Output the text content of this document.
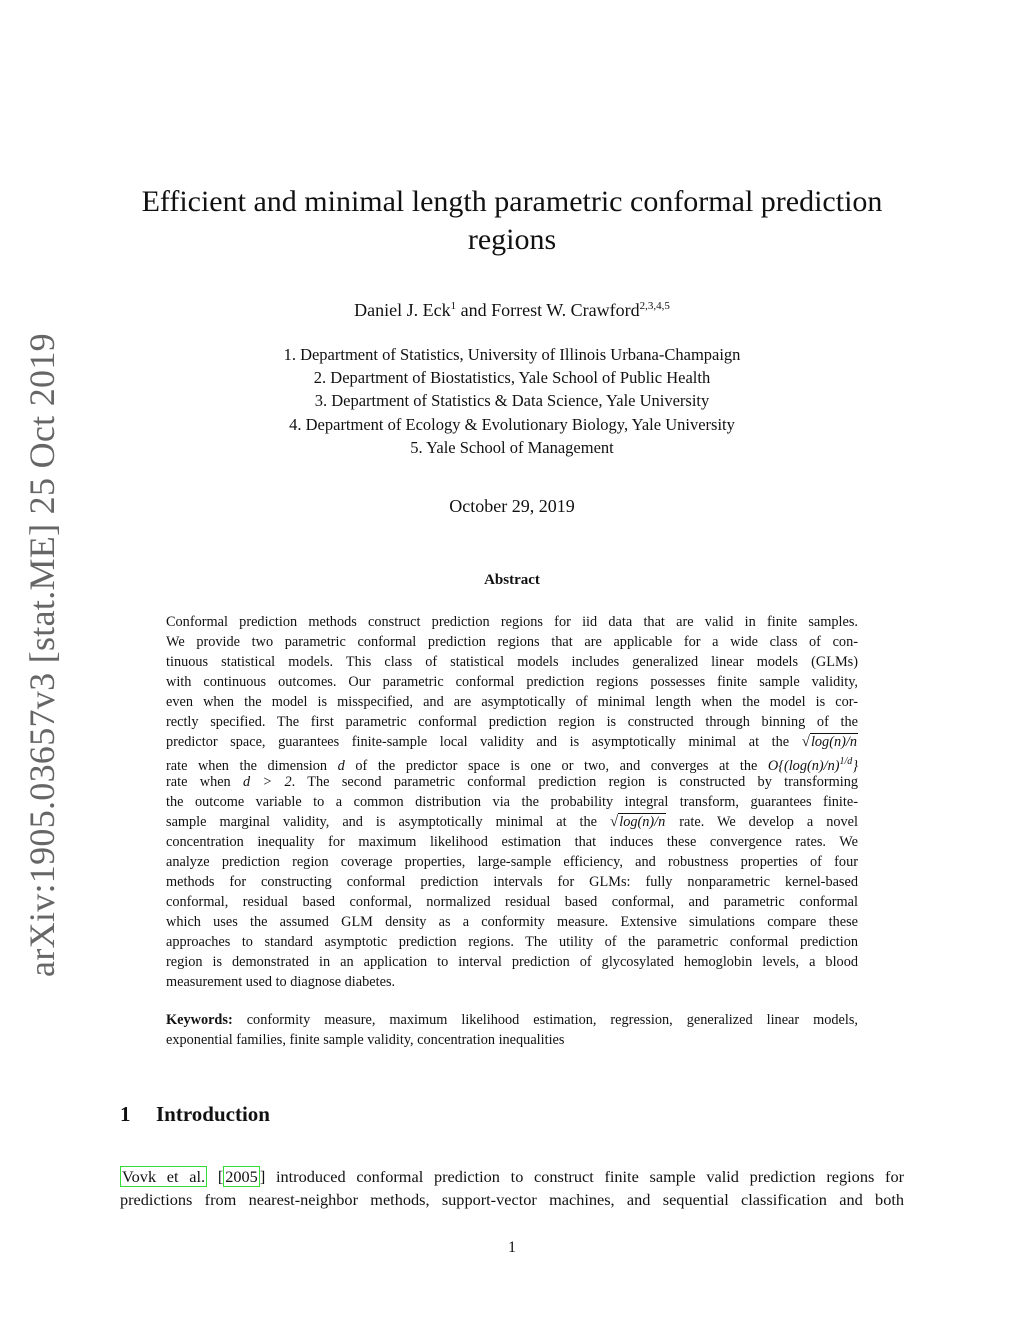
arXiv:1905.03657v3 [stat.ME] 25 Oct 2019
Efficient and minimal length parametric conformal prediction
regions
Daniel J. Eck$^1$ and Forrest W. Crawford$^{2,3,4,5}$
1. Department of Statistics, University of Illinois Urbana-Champaign
2. Department of Biostatistics, Yale School of Public Health
3. Department of Statistics & Data Science, Yale University
4. Department of Ecology & Evolutionary Biology, Yale University
5. Yale School of Management
October 29, 2019
Abstract
Conformal prediction methods construct prediction regions for iid data that are valid in finite samples.
We provide two parametric conformal prediction regions that are applicable for a wide class of con-
tinuous statistical models. This class of statistical models includes generalized linear models (GLMs)
with continuous outcomes. Our parametric conformal prediction regions possesses finite sample validity,
even when the model is misspecified, and are asymptotically of minimal length when the model is cor-
rectly specified. The first parametric conformal prediction region is constructed through binning of the
predictor space, guarantees finite-sample local validity and is asymptotically minimal at the √log(n)/n
rate when the dimension d of the predictor space is one or two, and converges at the $O\{(\log(n)/n)^{1/d}\}$
rate when d > 2. The second parametric conformal prediction region is constructed by transforming
the outcome variable to a common distribution via the probability integral transform, guarantees finite-
sample marginal validity, and is asymptotically minimal at the √log(n)/n rate. We develop a novel
concentration inequality for maximum likelihood estimation that induces these convergence rates. We
analyze prediction region coverage properties, large-sample efficiency, and robustness properties of four
methods for constructing conformal prediction intervals for GLMs: fully nonparametric kernel-based
conformal, residual based conformal, normalized residual based conformal, and parametric conformal
which uses the assumed GLM density as a conformity measure. Extensive simulations compare these
approaches to standard asymptotic prediction regions. The utility of the parametric conformal prediction
region is demonstrated in an application to interval prediction of glycosylated hemoglobin levels, a blood
measurement used to diagnose diabetes.
Keywords: conformity measure, maximum likelihood estimation, regression, generalized linear models,
exponential families, finite sample validity, concentration inequalities
1 Introduction
Vovk et al. [ 2005 ] introduced conformal prediction to construct finite sample valid prediction regions for
predictions from nearest-neighbor methods, support-vector machines, and sequential classification and both
1
